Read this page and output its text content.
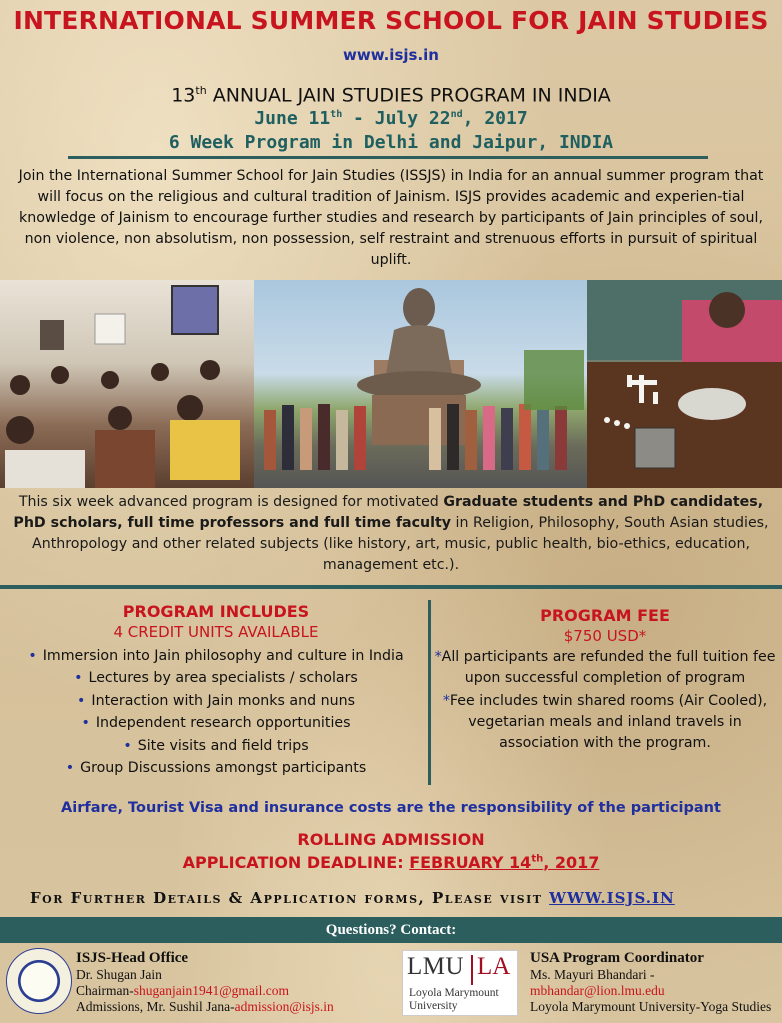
INTERNATIONAL SUMMER SCHOOL FOR JAIN STUDIES
www.isjs.in
13th ANNUAL JAIN STUDIES PROGRAM IN INDIA
June 11th - July 22nd, 2017
6 Week Program in Delhi and Jaipur, INDIA
Join the International Summer School for Jain Studies (ISSJS) in India for an annual summer program that will focus on the religious and cultural tradition of Jainism. ISJS provides academic and experien-tial knowledge of Jainism to encourage further studies and research by participants of Jain principles of soul, non violence, non absolutism, non possession, self restraint and strenuous efforts in pursuit of spiritual uplift.
This six week advanced program is designed for motivated Graduate students and PhD candidates, PhD scholars, full time professors and full time faculty in Religion, Philosophy, South Asian studies, Anthropology and other related subjects (like history, art, music, public health, bio-ethics, education, management etc.).
PROGRAM INCLUDES
4 CREDIT UNITS AVAILABLE
• Immersion into Jain philosophy and culture in India
• Lectures by area specialists / scholars
• Interaction with Jain monks and nuns
• Independent research opportunities
• Site visits and field trips
• Group Discussions amongst participants
PROGRAM FEE
$750 USD*
*All participants are refunded the full tuition fee upon successful completion of program
*Fee includes twin shared rooms (Air Cooled), vegetarian meals and inland travels in association with the program.
Airfare, Tourist Visa and insurance costs are the responsibility of the participant
ROLLING ADMISSION
APPLICATION DEADLINE: FEBRUARY 14th, 2017
For Further Details & Application forms, Please visit WWW.ISJS.IN
Questions? Contact:
ISJS-Head Office
Dr. Shugan Jain
Chairman-shuganjain1941@gmail.com
Admissions, Mr. Sushil Jana-admission@isjs.in
LMU LA
Loyola Marymount
University
USA Program Coordinator
Ms. Mayuri Bhandari -
mbhandar@lion.lmu.edu
Loyola Marymount University-Yoga Studies
